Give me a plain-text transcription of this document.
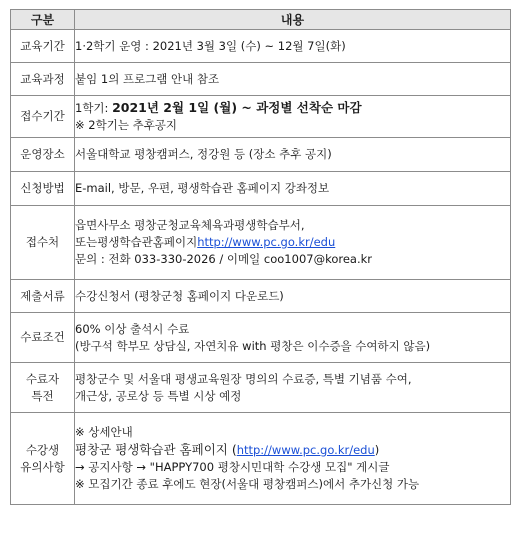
구분	내용
교육기간	1·2학기 운영 : 2021년 3월 3일 (수) ~ 12월 7일(화)
교육과정	붙임 1의 프로그램 안내 참조
접수기간	1학기: 2021년 2월 1일 (월) ~ 과정별 선착순 마감
※ 2학기는 추후공지

운영장소	서울대학교 평창캠퍼스, 정강원 등 (장소 추후 공지)
신청방법	E-mail, 방문, 우편, 평생학습관 홈페이지 강좌정보
접수처	읍면사무소 평창군청교육체육과평생학습부서,
또는평생학습관홈페이지http://www.pc.go.kr/edu
문의 : 전화 033-330-2026 / 이메일 coo1007@korea.kr

제출서류	수강신청서 (평창군청 홈페이지 다운로드)
수료조건	60% 이상 출석시 수료
(방구석 학부모 상담실, 자연치유 with 평창은 이수증을 수여하지 않음)

수료자
특전	평창군수 및 서울대 평생교육원장 명의의 수료증, 특별 기념품 수여,
개근상, 공로상 등 특별 시상 예정

수강생
유의사항	※ 상세안내
평창군 평생학습관 홈페이지 (http://www.pc.go.kr/edu)
→ 공지사항 → "HAPPY700 평창시민대학 수강생 모집" 게시글
※ 모집기간 종료 후에도 현장(서울대 평창캠퍼스)에서 추가신청 가능
